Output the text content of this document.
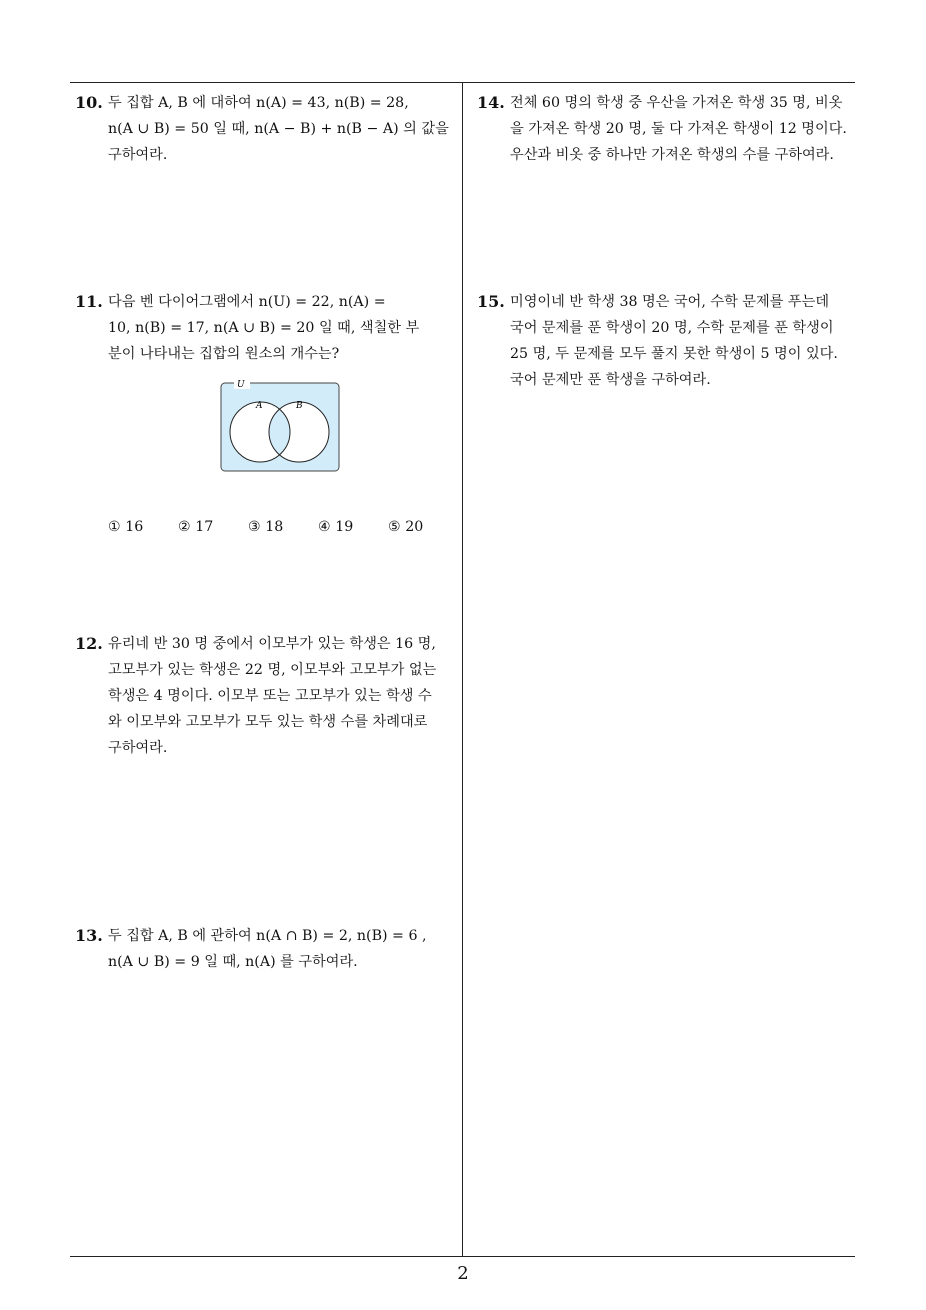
10. 두 집합 A, B 에 대하여 n(A) = 43, n(B) = 28,

n(A ∪ B) = 50 일 때, n(A − B) + n(B − A) 의 값을

구하여라.

11. 다음 벤 다이어그램에서 n(U) = 22, n(A) =

10, n(B) = 17, n(A ∪ B) = 20 일 때, 색칠한 부

분이 나타내는 집합의 원소의 개수는?

U
A	B
① 16	② 17	③ 18	④ 19	⑤ 20
12. 유리네 반 30 명 중에서 이모부가 있는 학생은 16 명,

고모부가 있는 학생은 22 명, 이모부와 고모부가 없는

학생은 4 명이다. 이모부 또는 고모부가 있는 학생 수

와 이모부와 고모부가 모두 있는 학생 수를 차례대로

구하여라.

13. 두 집합 A, B 에 관하여 n(A ∩ B) = 2, n(B) = 6 ,

n(A ∪ B) = 9 일 때, n(A) 를 구하여라.

14. 전체 60 명의 학생 중 우산을 가져온 학생 35 명, 비옷

을 가져온 학생 20 명, 둘 다 가져온 학생이 12 명이다.

우산과 비옷 중 하나만 가져온 학생의 수를 구하여라.

15. 미영이네 반 학생 38 명은 국어, 수학 문제를 푸는데

국어 문제를 푼 학생이 20 명, 수학 문제를 푼 학생이

25 명, 두 문제를 모두 풀지 못한 학생이 5 명이 있다.

국어 문제만 푼 학생을 구하여라.

2
